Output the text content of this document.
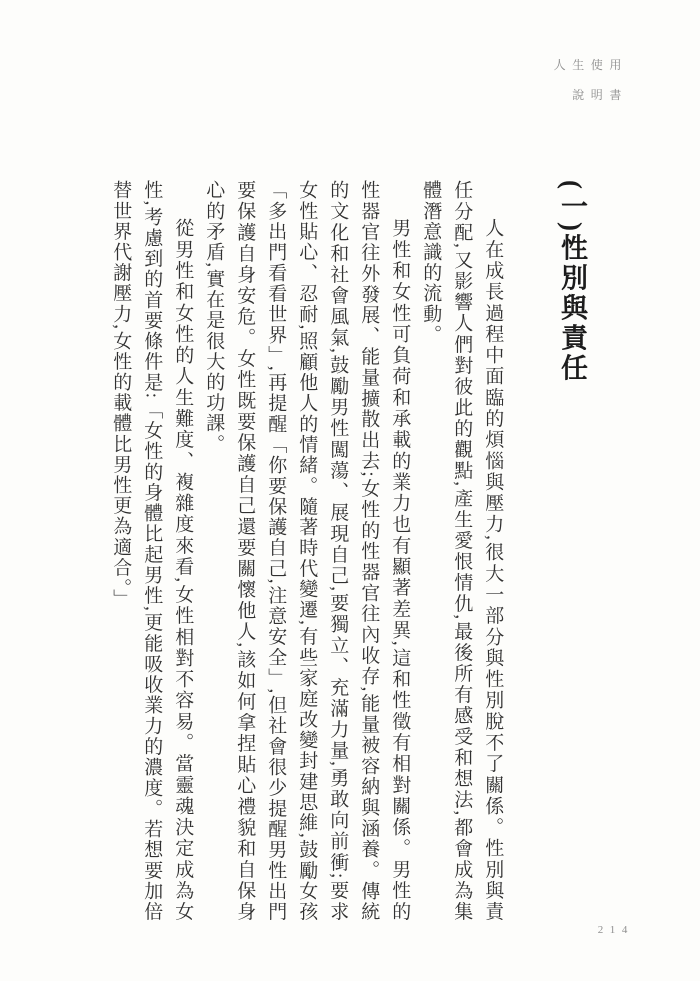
人生使用
說明書
(一)性別與責任

人在成長過程中面臨的煩惱與壓力,很大一部分與性別脫不了關係。性別與責任分配,又影響人們對彼此的觀點,產生愛恨情仇,最後所有感受和想法,都會成為集體潛意識的流動。

男性和女性可負荷和承載的業力也有顯著差異,這和性徵有相對關係。男性的性器官往外發展、能量擴散出去;女性的性器官往內收存,能量被容納與涵養。傳統的文化和社會風氣,鼓勵男性闖蕩、展現自己,要獨立、充滿力量,勇敢向前衝;要求女性貼心、忍耐,照顧他人的情緒。隨著時代變遷,有些家庭改變封建思維,鼓勵女孩「多出門看看世界」,再提醒「你要保護自己,注意安全」,但社會很少提醒男性出門要保護自身安危。女性既要保護自己還要關懷他人,該如何拿捏貼心禮貌和自保身心的矛盾,實在是很大的功課。

從男性和女性的人生難度、複雜度來看,女性相對不容易。當靈魂決定成為女性,考慮到的首要條件是:「女性的身體比起男性,更能吸收業力的濃度。若想要加倍替世界代謝壓力,女性的載體比男性更為適合。」

214
